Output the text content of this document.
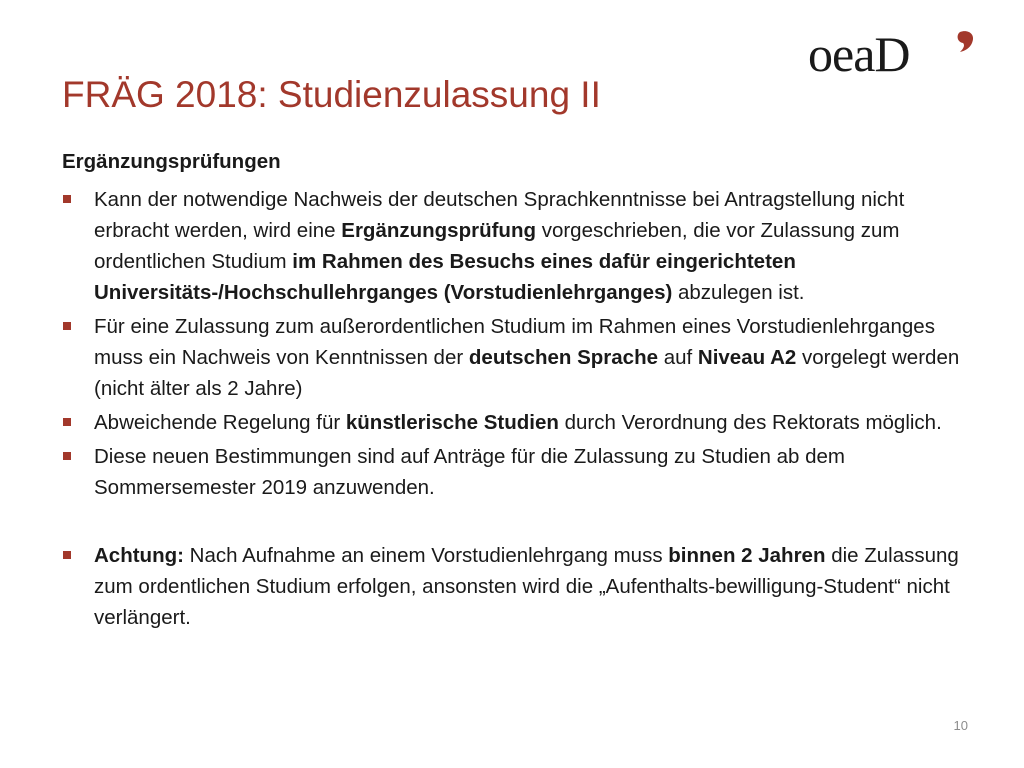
oeaD
FRÄG 2018: Studienzulassung II

Ergänzungsprüfungen

Kann der notwendige Nachweis der deutschen Sprachkenntnisse bei Antragstellung nicht erbracht werden, wird eine Ergänzungsprüfung vorgeschrieben, die vor Zulassung zum ordentlichen Studium im Rahmen des Besuchs eines dafür eingerichteten Universitäts-/Hochschullehrganges (Vorstudienlehrganges) abzulegen ist.
Für eine Zulassung zum außerordentlichen Studium im Rahmen eines Vorstudienlehrganges muss ein Nachweis von Kenntnissen der deutschen Sprache auf Niveau A2 vorgelegt werden (nicht älter als 2 Jahre)
Abweichende Regelung für künstlerische Studien durch Verordnung des Rektorats möglich.
Diese neuen Bestimmungen sind auf Anträge für die Zulassung zu Studien ab dem Sommersemester 2019 anzuwenden.
Achtung: Nach Aufnahme an einem Vorstudienlehrgang muss binnen 2 Jahren die Zulassung zum ordentlichen Studium erfolgen, ansonsten wird die „Aufenthalts-bewilligung-Student“ nicht verlängert.
10
